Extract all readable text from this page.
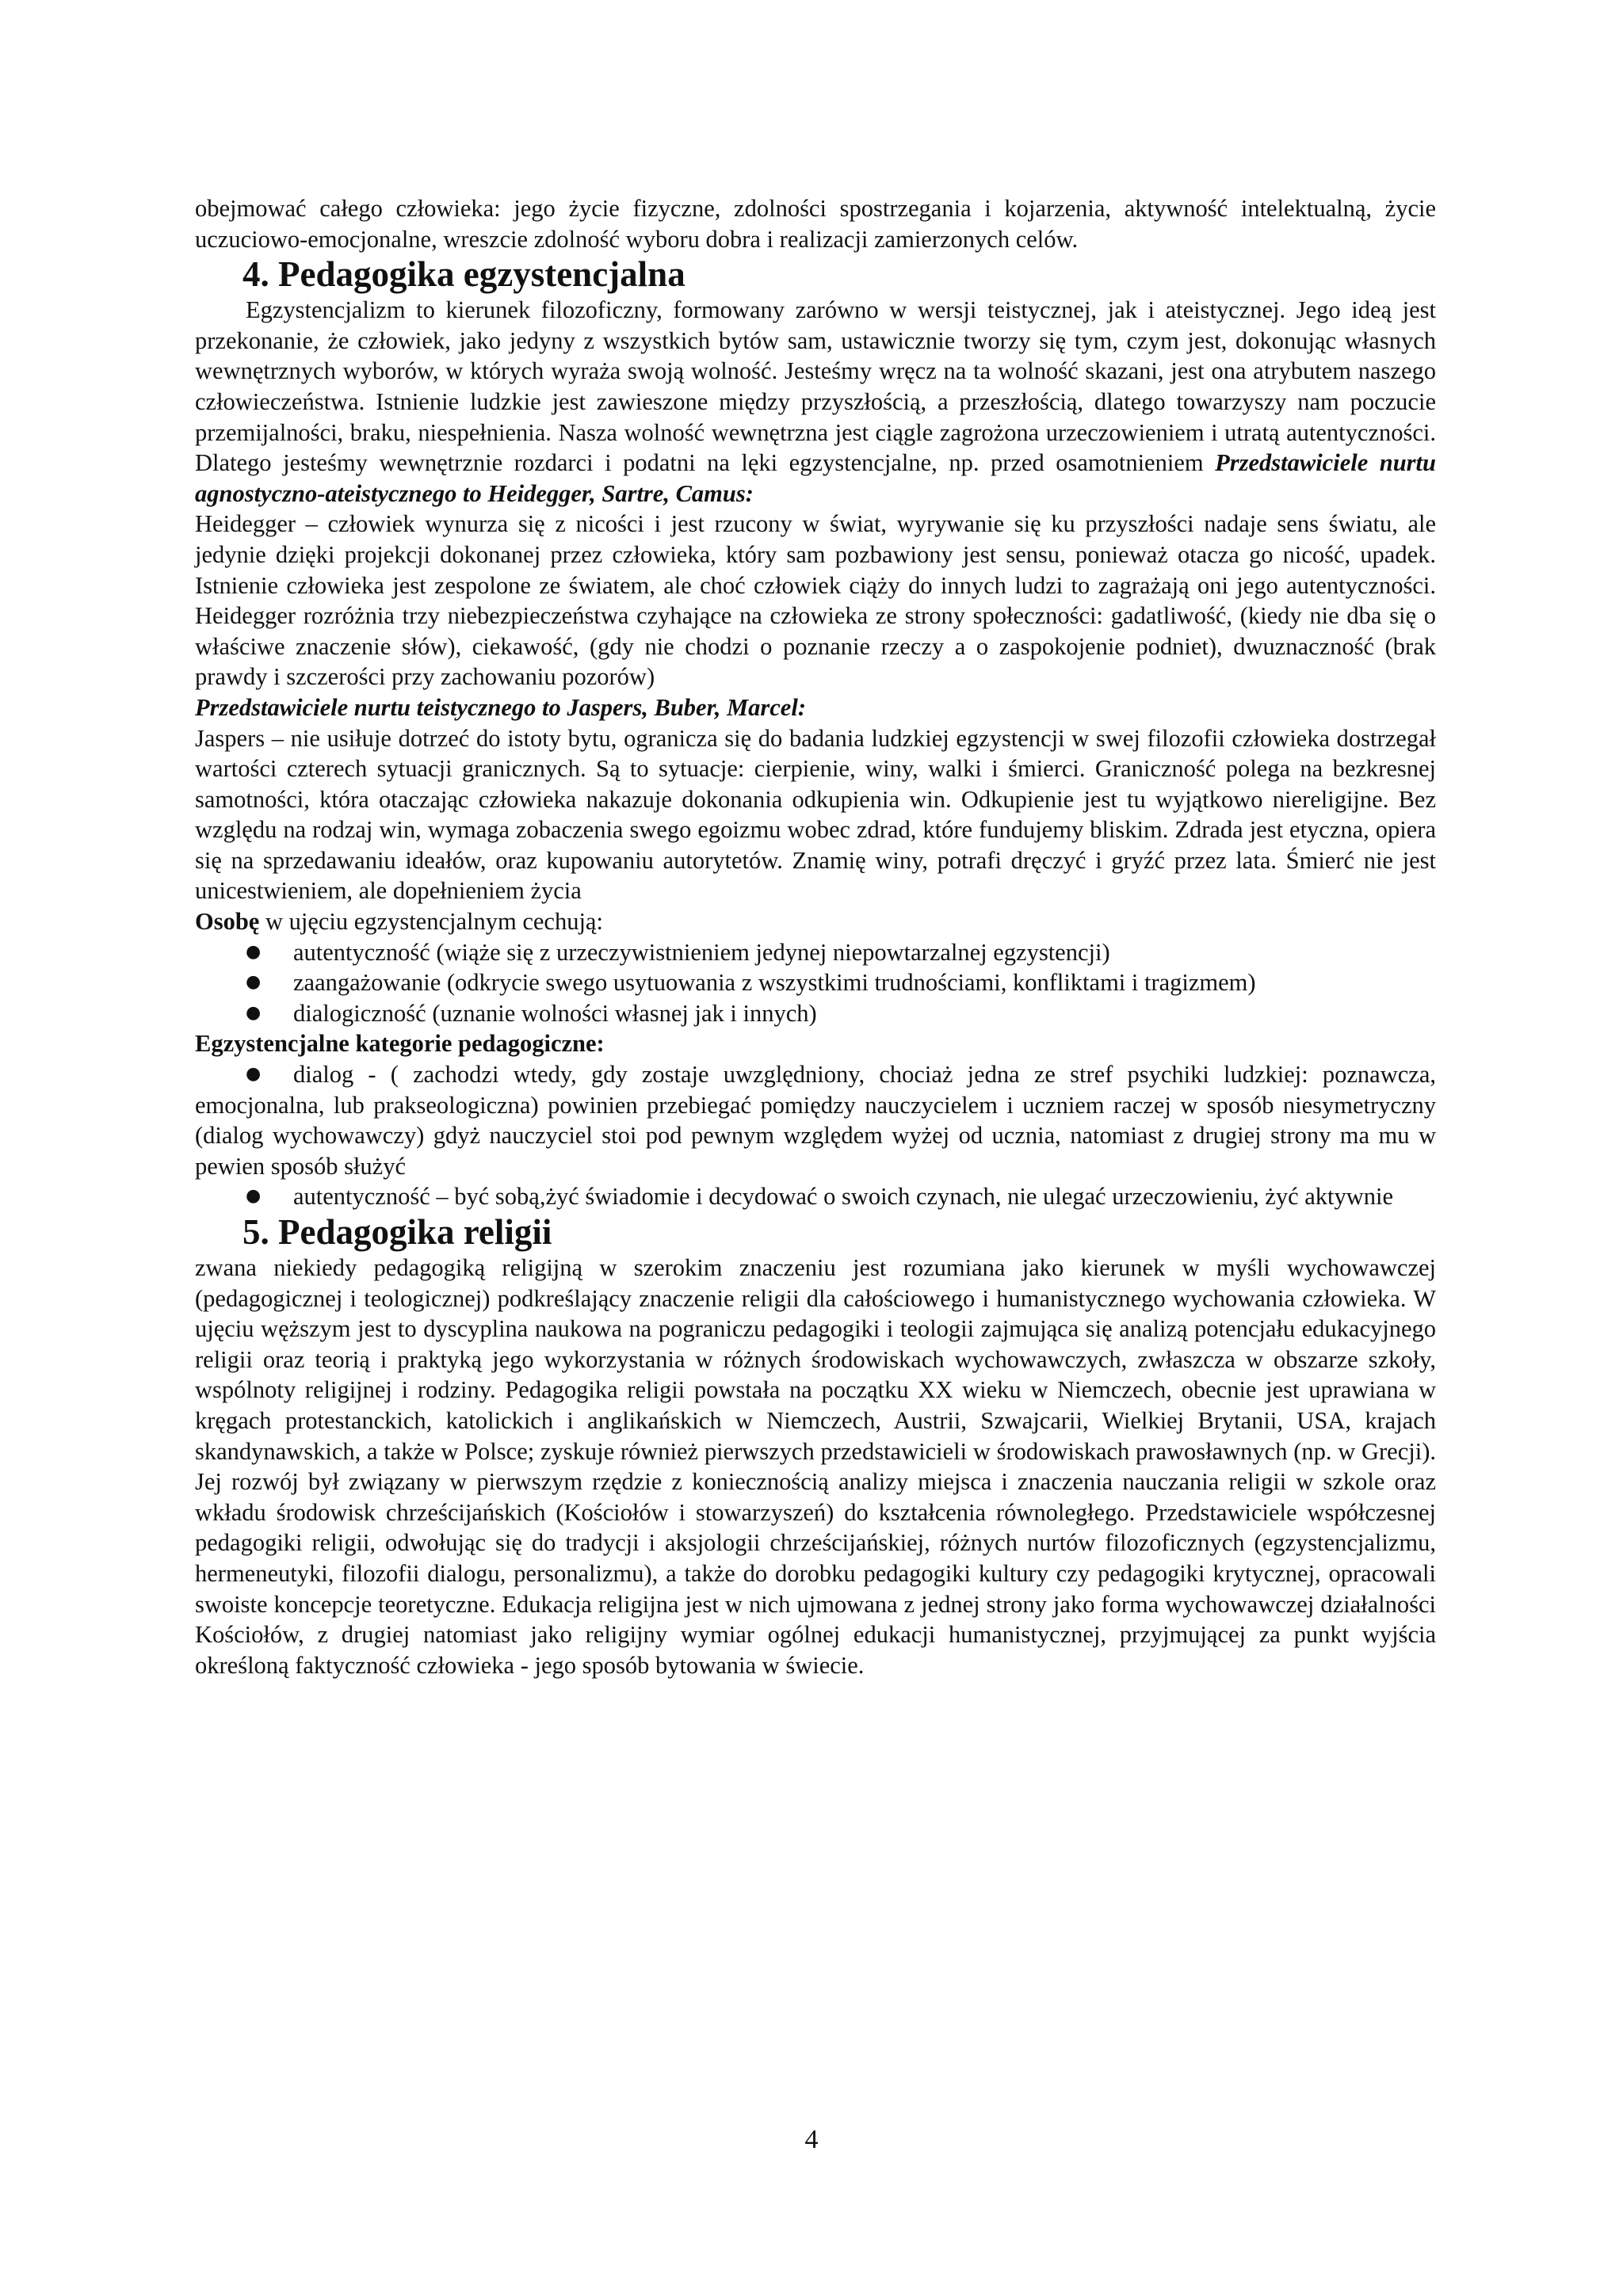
obejmować całego człowieka: jego życie fizyczne, zdolności spostrzegania i kojarzenia, aktywność intelektualną, życie uczuciowo-emocjonalne, wreszcie zdolność wyboru dobra i realizacji zamierzonych celów.

4. Pedagogika egzystencjalna

Egzystencjalizm to kierunek filozoficzny, formowany zarówno w wersji teistycznej, jak i ateistycznej. Jego ideą jest przekonanie, że człowiek, jako jedyny z wszystkich bytów sam, ustawicznie tworzy się tym, czym jest, dokonując własnych wewnętrznych wyborów, w których wyraża swoją wolność. Jesteśmy wręcz na ta wolność skazani, jest ona atrybutem naszego człowieczeństwa. Istnienie ludzkie jest zawieszone między przyszłością, a przeszłością, dlatego towarzyszy nam poczucie przemijalności, braku, niespełnienia. Nasza wolność wewnętrzna jest ciągle zagrożona urzeczowieniem i utratą autentyczności. Dlatego jesteśmy wewnętrznie rozdarci i podatni na lęki egzystencjalne, np. przed osamotnieniem Przedstawiciele nurtu agnostyczno-ateistycznego to Heidegger, Sartre, Camus:

Heidegger – człowiek wynurza się z nicości i jest rzucony w świat, wyrywanie się ku przyszłości nadaje sens światu, ale jedynie dzięki projekcji dokonanej przez człowieka, który sam pozbawiony jest sensu, ponieważ otacza go nicość, upadek. Istnienie człowieka jest zespolone ze światem, ale choć człowiek ciąży do innych ludzi to zagrażają oni jego autentyczności. Heidegger rozróżnia trzy niebezpieczeństwa czyhające na człowieka ze strony społeczności: gadatliwość, (kiedy nie dba się o właściwe znaczenie słów), ciekawość, (gdy nie chodzi o poznanie rzeczy a o zaspokojenie podniet), dwuznaczność (brak prawdy i szczerości przy zachowaniu pozorów)

Przedstawiciele nurtu teistycznego to Jaspers, Buber, Marcel:

Jaspers – nie usiłuje dotrzeć do istoty bytu, ogranicza się do badania ludzkiej egzystencji w swej filozofii człowieka dostrzegał wartości czterech sytuacji granicznych. Są to sytuacje: cierpienie, winy, walki i śmierci. Graniczność polega na bezkresnej samotności, która otaczając człowieka nakazuje dokonania odkupienia win. Odkupienie jest tu wyjątkowo niereligijne. Bez względu na rodzaj win, wymaga zobaczenia swego egoizmu wobec zdrad, które fundujemy bliskim. Zdrada jest etyczna, opiera się na sprzedawaniu ideałów, oraz kupowaniu autorytetów. Znamię winy, potrafi dręczyć i gryźć przez lata. Śmierć nie jest unicestwieniem, ale dopełnieniem życia

Osobę w ujęciu egzystencjalnym cechują:

● autentyczność (wiąże się z urzeczywistnieniem jedynej niepowtarzalnej egzystencji)
● zaangażowanie (odkrycie swego usytuowania z wszystkimi trudnościami, konfliktami i tragizmem)
● dialogiczność (uznanie wolności własnej jak i innych)

Egzystencjalne kategorie pedagogiczne:

● dialog - ( zachodzi wtedy, gdy zostaje uwzględniony, chociaż jedna ze stref psychiki ludzkiej: poznawcza, emocjonalna, lub prakseologiczna) powinien przebiegać pomiędzy nauczycielem i uczniem raczej w sposób niesymetryczny (dialog wychowawczy) gdyż nauczyciel stoi pod pewnym względem wyżej od ucznia, natomiast z drugiej strony ma mu w pewien sposób służyć
● autentyczność – być sobą,żyć świadomie i decydować o swoich czynach, nie ulegać urzeczowieniu, żyć aktywnie
5. Pedagogika religii

zwana niekiedy pedagogiką religijną w szerokim znaczeniu jest rozumiana jako kierunek w myśli wychowawczej (pedagogicznej i teologicznej) podkreślający znaczenie religii dla całościowego i humanistycznego wychowania człowieka. W ujęciu węższym jest to dyscyplina naukowa na pograniczu pedagogiki i teologii zajmująca się analizą potencjału edukacyjnego religii oraz teorią i praktyką jego wykorzystania w różnych środowiskach wychowawczych, zwłaszcza w obszarze szkoły, wspólnoty religijnej i rodziny. Pedagogika religii powstała na początku XX wieku w Niemczech, obecnie jest uprawiana w kręgach protestanckich, katolickich i anglikańskich w Niemczech, Austrii, Szwajcarii, Wielkiej Brytanii, USA, krajach skandynawskich, a także w Polsce; zyskuje również pierwszych przedstawicieli w środowiskach prawosławnych (np. w Grecji). Jej rozwój był związany w pierwszym rzędzie z koniecznością analizy miejsca i znaczenia nauczania religii w szkole oraz wkładu środowisk chrześcijańskich (Kościołów i stowarzyszeń) do kształcenia równoległego. Przedstawiciele współczesnej pedagogiki religii, odwołując się do tradycji i aksjologii chrześcijańskiej, różnych nurtów filozoficznych (egzystencjalizmu, hermeneutyki, filozofii dialogu, personalizmu), a także do dorobku pedagogiki kultury czy pedagogiki krytycznej, opracowali swoiste koncepcje teoretyczne. Edukacja religijna jest w nich ujmowana z jednej strony jako forma wychowawczej działalności Kościołów, z drugiej natomiast jako religijny wymiar ogólnej edukacji humanistycznej, przyjmującej za punkt wyjścia określoną faktyczność człowieka - jego sposób bytowania w świecie.

4
